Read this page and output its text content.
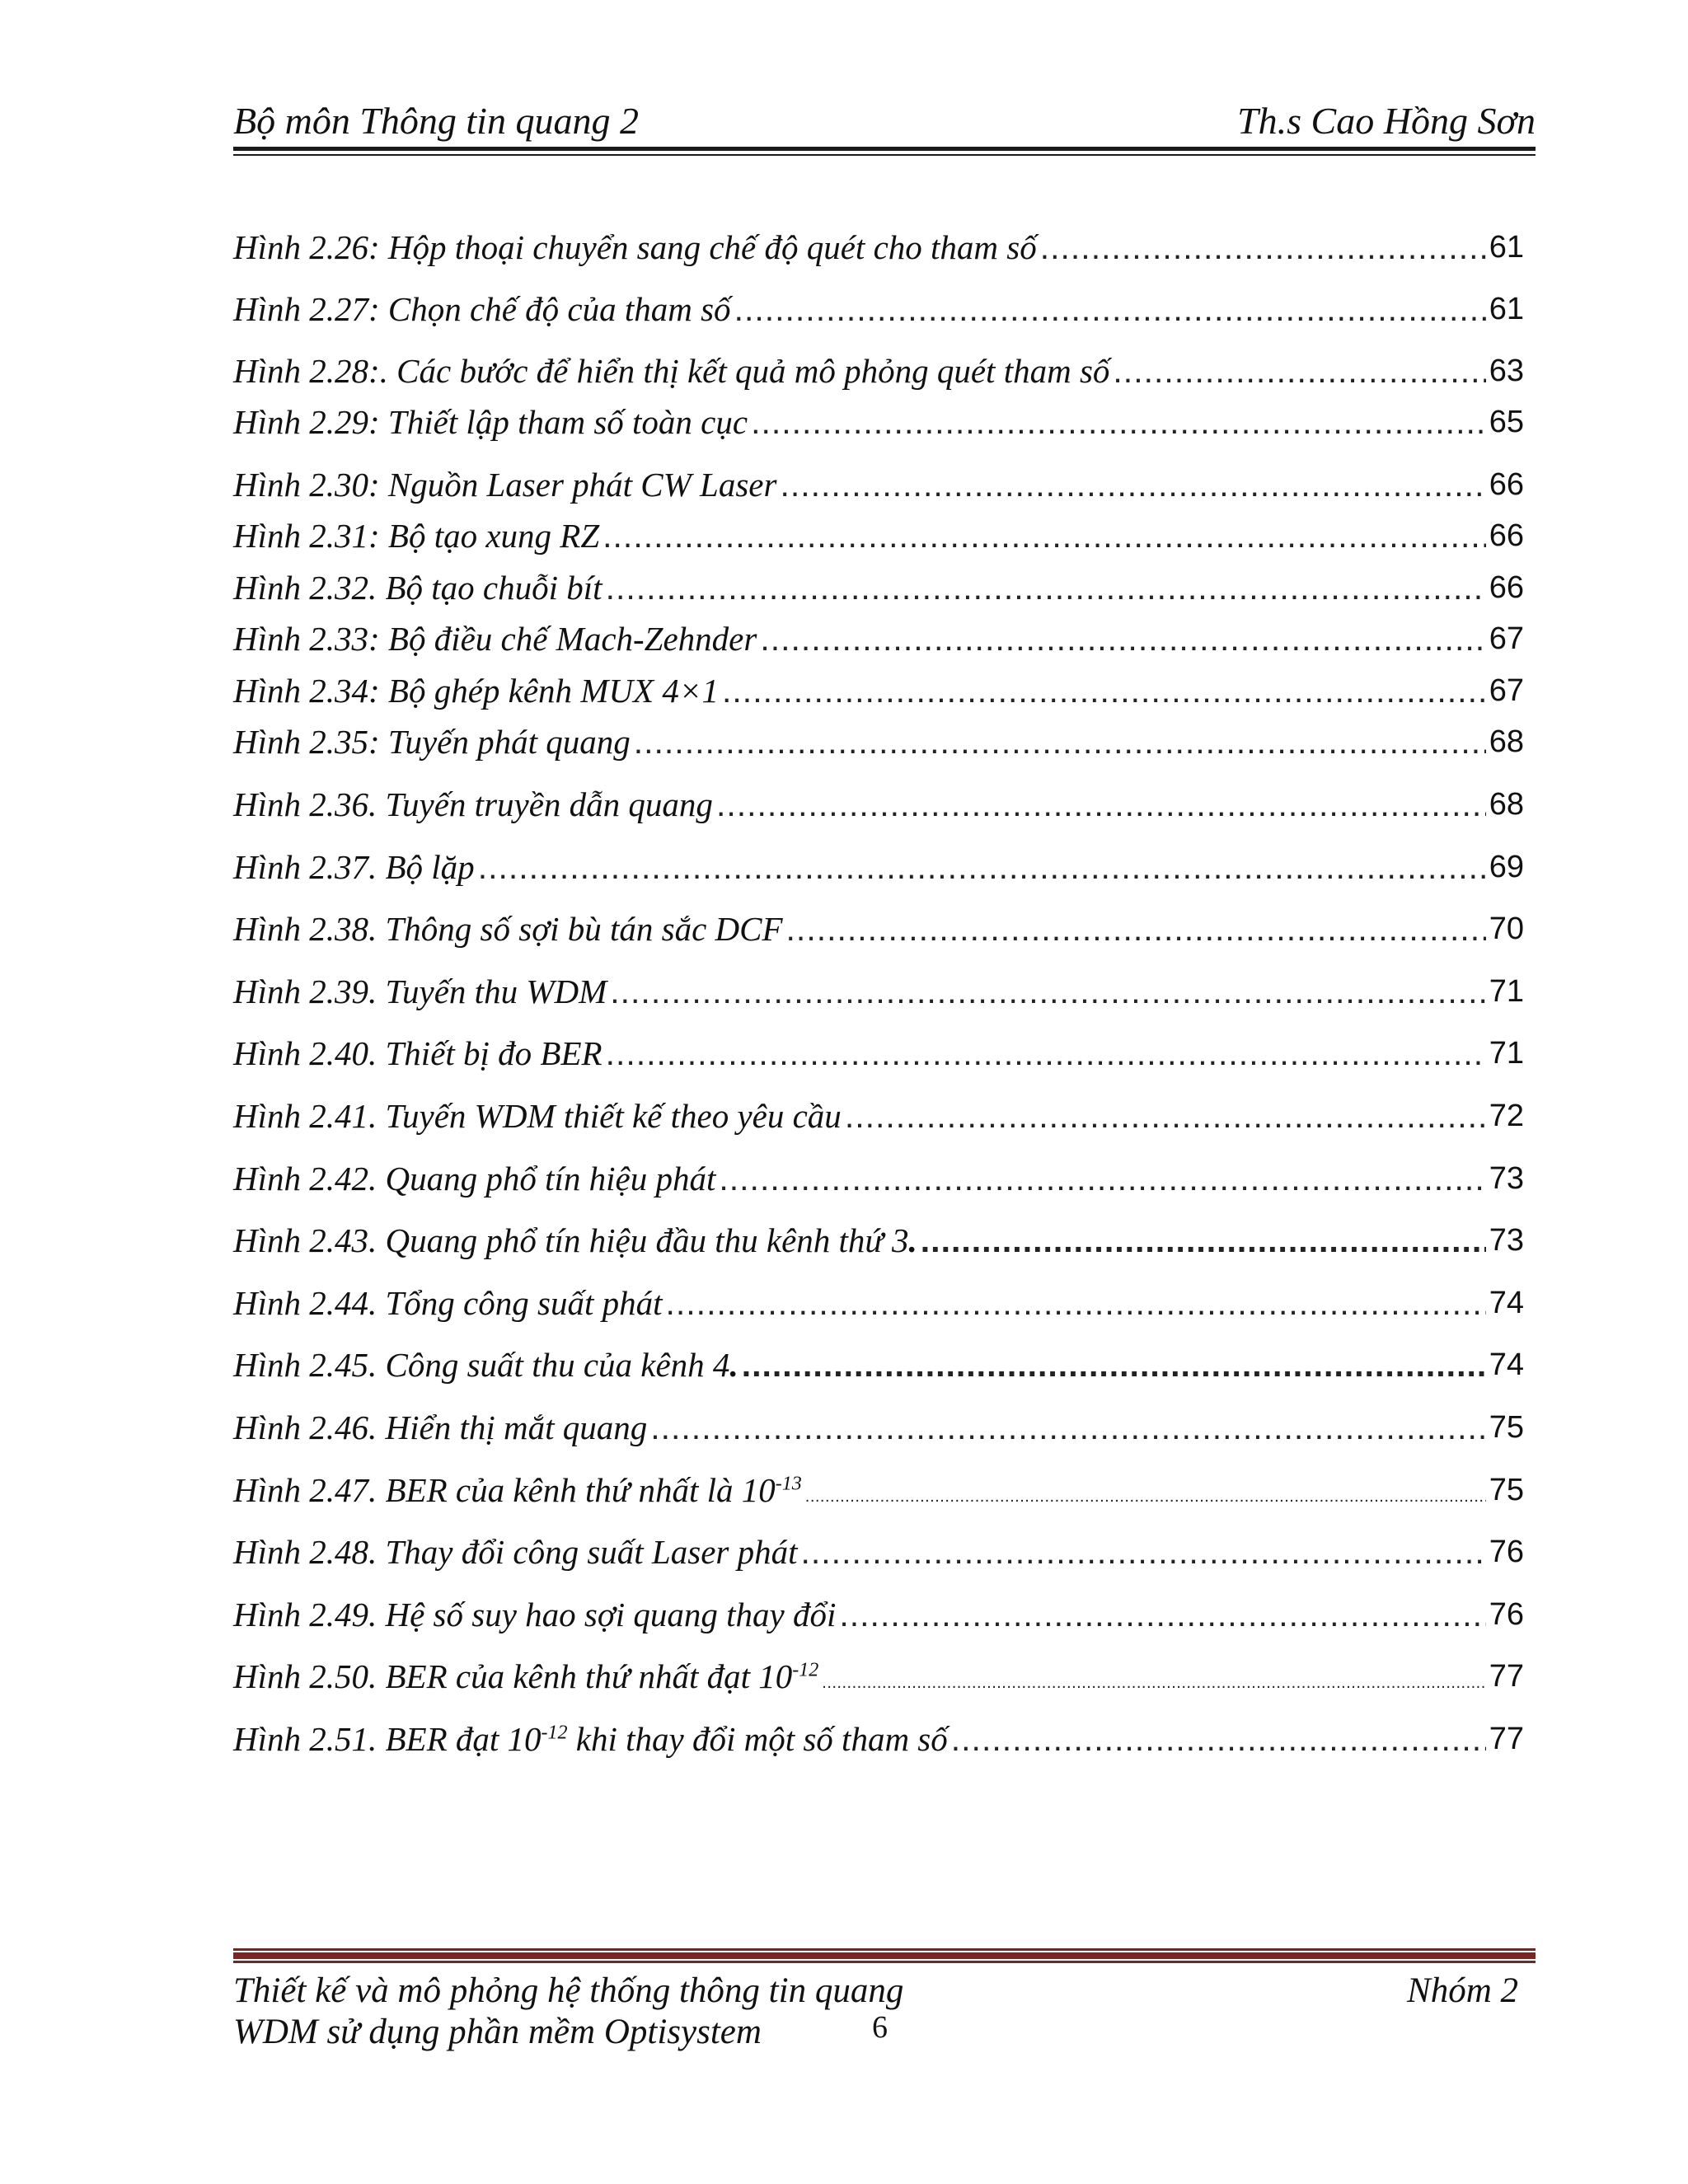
Bộ môn Thông tin quang 2	Th.s Cao Hồng Sơn
Hình 2.26: Hộp thoại chuyển sang chế độ quét cho tham số .....	61
Hình 2.27: Chọn chế độ của tham số .....	61
Hình 2.28:. Các bước để hiển thị kết quả mô phỏng quét tham số .....	63
Hình 2.29: Thiết lập tham số toàn cục .....	65
Hình 2.30: Nguồn Laser phát CW Laser .....	66
Hình 2.31: Bộ tạo xung RZ .....	66
Hình 2.32. Bộ tạo chuỗi bít .....	66
Hình 2.33: Bộ điều chế Mach-Zehnder .....	67
Hình 2.34: Bộ ghép kênh MUX 4×1 .....	67
Hình 2.35: Tuyến phát quang .....	68
Hình 2.36. Tuyến truyền dẫn quang .....	68
Hình 2.37. Bộ lặp .....	69
Hình 2.38. Thông số sợi bù tán sắc DCF .....	70
Hình 2.39. Tuyến thu WDM .....	71
Hình 2.40. Thiết bị đo BER .....	71
Hình 2.41. Tuyến WDM thiết kế theo yêu cầu .....	72
Hình 2.42. Quang phổ tín hiệu phát .....	73
Hình 2.43. Quang phổ tín hiệu đầu thu kênh thứ 3. .....	73
Hình 2.44. Tổng công suất phát .....	74
Hình 2.45. Công suất thu của kênh 4. .....	74
Hình 2.46. Hiển thị mắt quang .....	75
Hình 2.47. BER của kênh thứ nhất là $10^{-13}$ .....	75
Hình 2.48. Thay đổi công suất Laser phát .....	76
Hình 2.49. Hệ số suy hao sợi quang thay đổi .....	76
Hình 2.50. BER của kênh thứ nhất đạt $10^{-12}$ .....	77
Hình 2.51. BER đạt $10^{-12}$ khi thay đổi một số tham số .....	77
Thiết kế và mô phỏng hệ thống thông tin quang
WDM sử dụng phần mềm Optisystem
Nhóm 2
6
